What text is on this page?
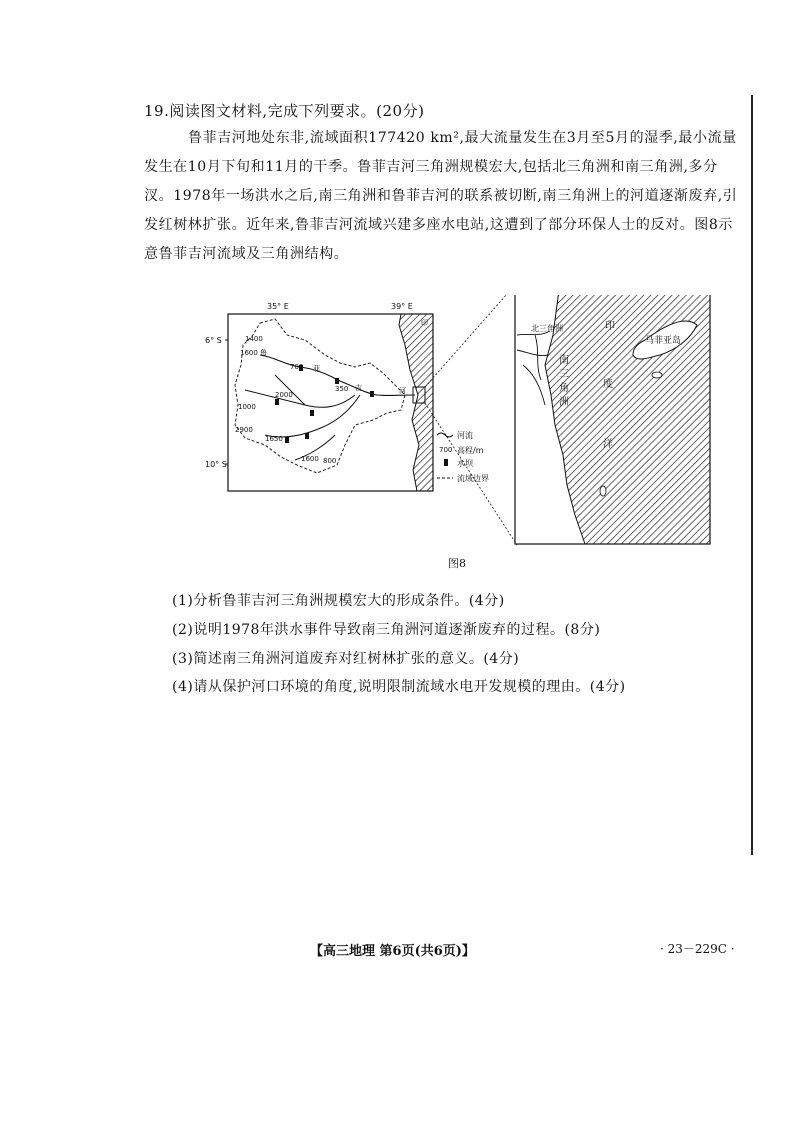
19.阅读图文材料,完成下列要求。(20分)
鲁菲吉河地处东非,流域面积177420 km²,最大流量发生在3月至5月的湿季,最小流量发生在10月下旬和11月的干季。鲁菲吉河三角洲规模宏大,包括北三角洲和南三角洲,多分汊。1978年一场洪水之后,南三角洲和鲁菲吉河的联系被切断,南三角洲上的河道逐渐废弃,引发红树林扩张。近年来,鲁菲吉河流域兴建多座水电站,这遭到了部分环保人士的反对。图8示意鲁菲吉河流域及三角洲结构。
35° E	39° E
6° S
10° S
1400
1600 鲁
700 菲
2000
1000
350 吉	河
2900
1650
1600 800
印
河流
700 高程/m
水坝
流域边界
北三角洲
南
三
角
洲
马菲亚岛
印
度
洋
图8
(1)分析鲁菲吉河三角洲规模宏大的形成条件。(4分)
(2)说明1978年洪水事件导致南三角洲河道逐渐废弃的过程。(8分)
(3)简述南三角洲河道废弃对红树林扩张的意义。(4分)
(4)请从保护河口环境的角度,说明限制流域水电开发规模的理由。(4分)
【高三地理 第6页(共6页)】	· 23－229C ·
